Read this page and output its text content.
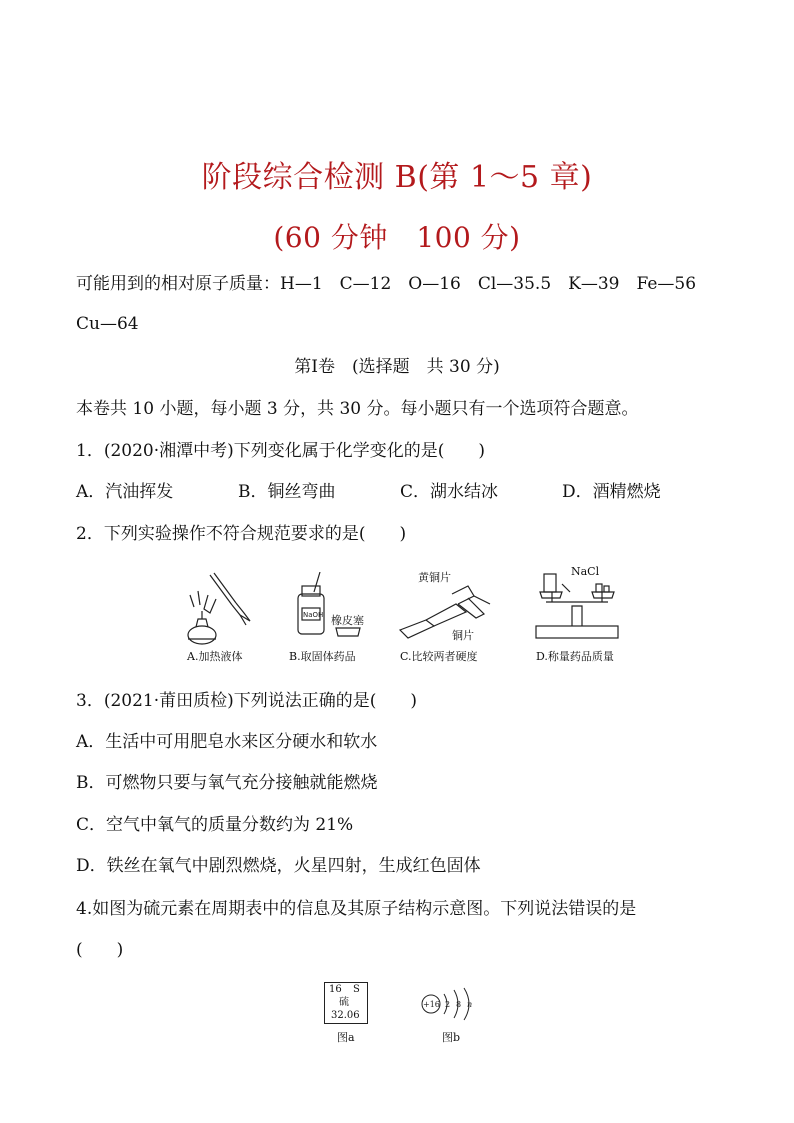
阶段综合检测 B(第 1～5 章)
(60 分钟　100 分)
可能用到的相对原子质量：H—1　C—12　O—16　Cl—35.5　K—39　Fe—56
Cu—64
第Ⅰ卷　(选择题　共 30 分)
本卷共 10 小题，每小题 3 分，共 30 分。每小题只有一个选项符合题意。
1．(2020·湘潭中考)下列变化属于化学变化的是(　　)
A．汽油挥发	B．铜丝弯曲	C．湖水结冰	D．酒精燃烧
2．下列实验操作不符合规范要求的是(　　)
A.加热液体
NaOH 橡皮塞
B.取固体药品
黄铜片
铜片
C.比较两者硬度
NaCl
D.称量药品质量
3．(2021·莆田质检)下列说法正确的是(　　)
A．生活中可用肥皂水来区分硬水和软水
B．可燃物只要与氧气充分接触就能燃烧
C．空气中氧气的质量分数约为 21%
D．铁丝在氧气中剧烈燃烧，火星四射，生成红色固体
4.如图为硫元素在周期表中的信息及其原子结构示意图。下列说法错误的是
(　　)
16 S
硫
32.06
图a
+16 2 8 n
图b
